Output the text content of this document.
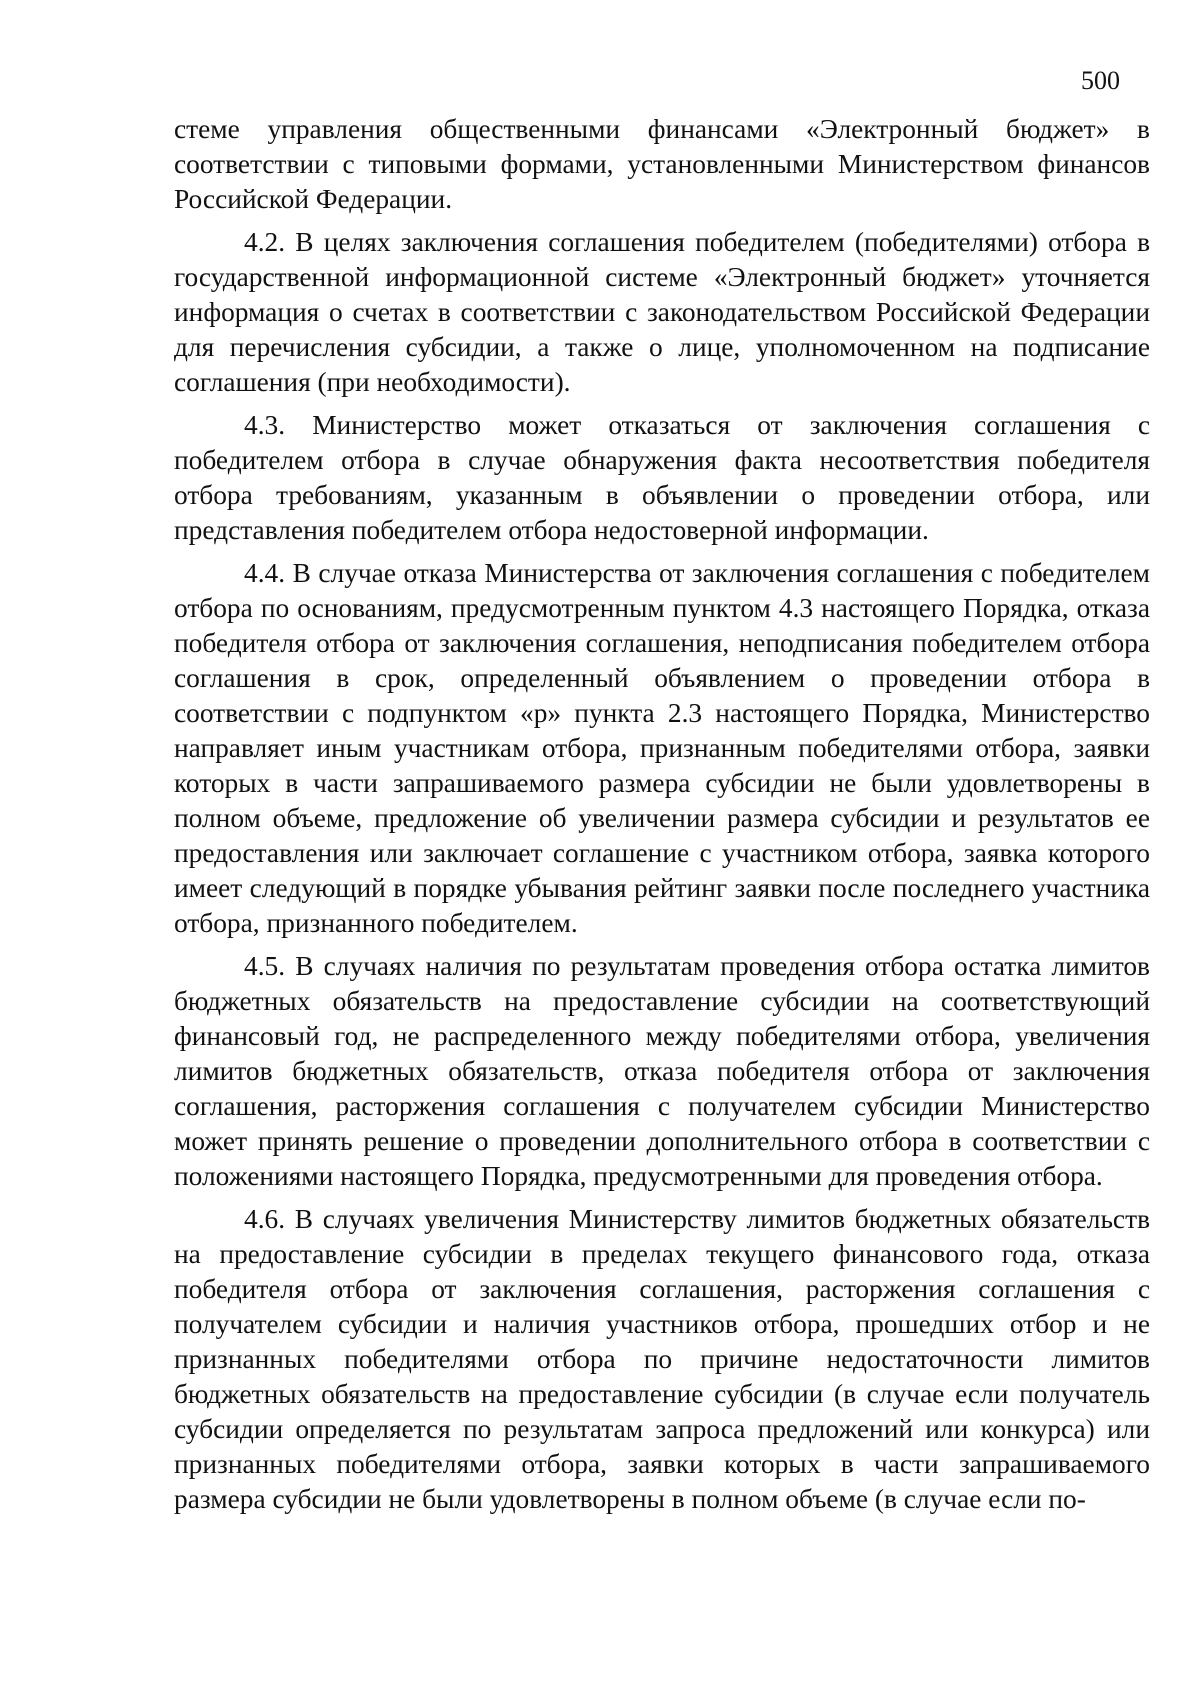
500

стеме управления общественными финансами «Электронный бюджет» в соответствии с типовыми формами, установленными Министерством финансов Российской Федерации.

4.2. В целях заключения соглашения победителем (победителями) отбора в государственной информационной системе «Электронный бюджет» уточняется информация о счетах в соответствии с законодательством Российской Федерации для перечисления субсидии, а также о лице, уполномоченном на подписание соглашения (при необходимости).

4.3. Министерство может отказаться от заключения соглашения с победителем отбора в случае обнаружения факта несоответствия победителя отбора требованиям, указанным в объявлении о проведении отбора, или представления победителем отбора недостоверной информации.

4.4. В случае отказа Министерства от заключения соглашения с победителем отбора по основаниям, предусмотренным пунктом 4.3 настоящего Порядка, отказа победителя отбора от заключения соглашения, неподписания победителем отбора соглашения в срок, определенный объявлением о проведении отбора в соответствии с подпунктом «р» пункта 2.3 настоящего Порядка, Министерство направляет иным участникам отбора, признанным победителями отбора, заявки которых в части запрашиваемого размера субсидии не были удовлетворены в полном объеме, предложение об увеличении размера субсидии и результатов ее предоставления или заключает соглашение с участником отбора, заявка которого имеет следующий в порядке убывания рейтинг заявки после последнего участника отбора, признанного победителем.

4.5. В случаях наличия по результатам проведения отбора остатка лимитов бюджетных обязательств на предоставление субсидии на соответствующий финансовый год, не распределенного между победителями отбора, увеличения лимитов бюджетных обязательств, отказа победителя отбора от заключения соглашения, расторжения соглашения с получателем субсидии Министерство может принять решение о проведении дополнительного отбора в соответствии с положениями настоящего Порядка, предусмотренными для проведения отбора.

4.6. В случаях увеличения Министерству лимитов бюджетных обязательств на предоставление субсидии в пределах текущего финансового года, отказа победителя отбора от заключения соглашения, расторжения соглашения с получателем субсидии и наличия участников отбора, прошедших отбор и не признанных победителями отбора по причине недостаточности лимитов бюджетных обязательств на предоставление субсидии (в случае если получатель субсидии определяется по результатам запроса предложений или конкурса) или признанных победителями отбора, заявки которых в части запрашиваемого размера субсидии не были удовлетворены в полном объеме (в случае если по-
